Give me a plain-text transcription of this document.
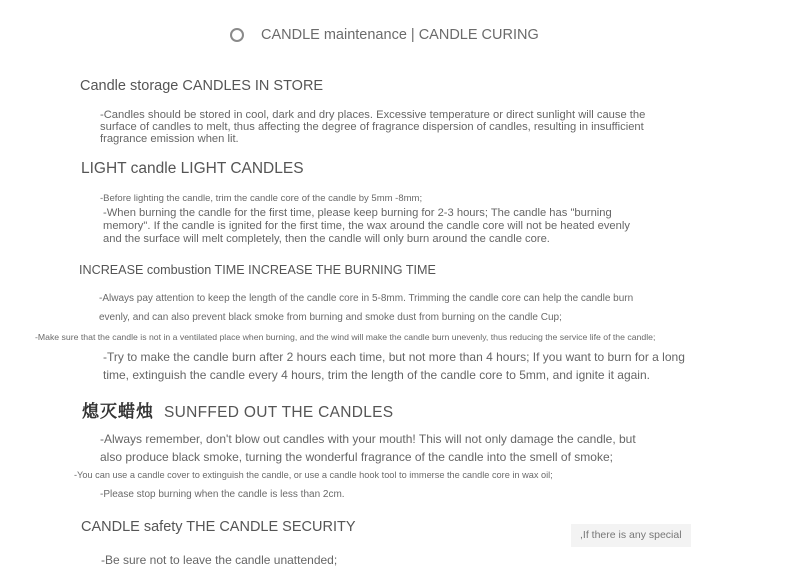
CANDLE maintenance | CANDLE CURING
Candle storage CANDLES IN STORE
-Candles should be stored in cool, dark and dry places. Excessive temperature or direct sunlight will cause the
surface of candles to melt, thus affecting the degree of fragrance dispersion of candles, resulting in insufficient
fragrance emission when lit.
LIGHT candle LIGHT CANDLES
-Before lighting the candle, trim the candle core of the candle by 5mm -8mm;
-When burning the candle for the first time, please keep burning for 2-3 hours; The candle has "burning
memory". If the candle is ignited for the first time, the wax around the candle core will not be heated evenly
and the surface will melt completely, then the candle will only burn around the candle core.
INCREASE combustion TIME INCREASE THE BURNING TIME
-Always pay attention to keep the length of the candle core in 5-8mm. Trimming the candle core can help the candle burn
evenly, and can also prevent black smoke from burning and smoke dust from burning on the candle Cup;
-Make sure that the candle is not in a ventilated place when burning, and the wind will make the candle burn unevenly, thus reducing the service life of the candle;
-Try to make the candle burn after 2 hours each time, but not more than 4 hours; If you want to burn for a long
time, extinguish the candle every 4 hours, trim the length of the candle core to 5mm, and ignite it again.
熄灭蜡烛 SUNFFED OUT THE CANDLES
-Always remember, don't blow out candles with your mouth! This will not only damage the candle, but
also produce black smoke, turning the wonderful fragrance of the candle into the smell of smoke;
-You can use a candle cover to extinguish the candle, or use a candle hook tool to immerse the candle core in wax oil;
-Please stop burning when the candle is less than 2cm.
CANDLE safety THE CANDLE SECURITY	,If there is any special
-Be sure not to leave the candle unattended;
